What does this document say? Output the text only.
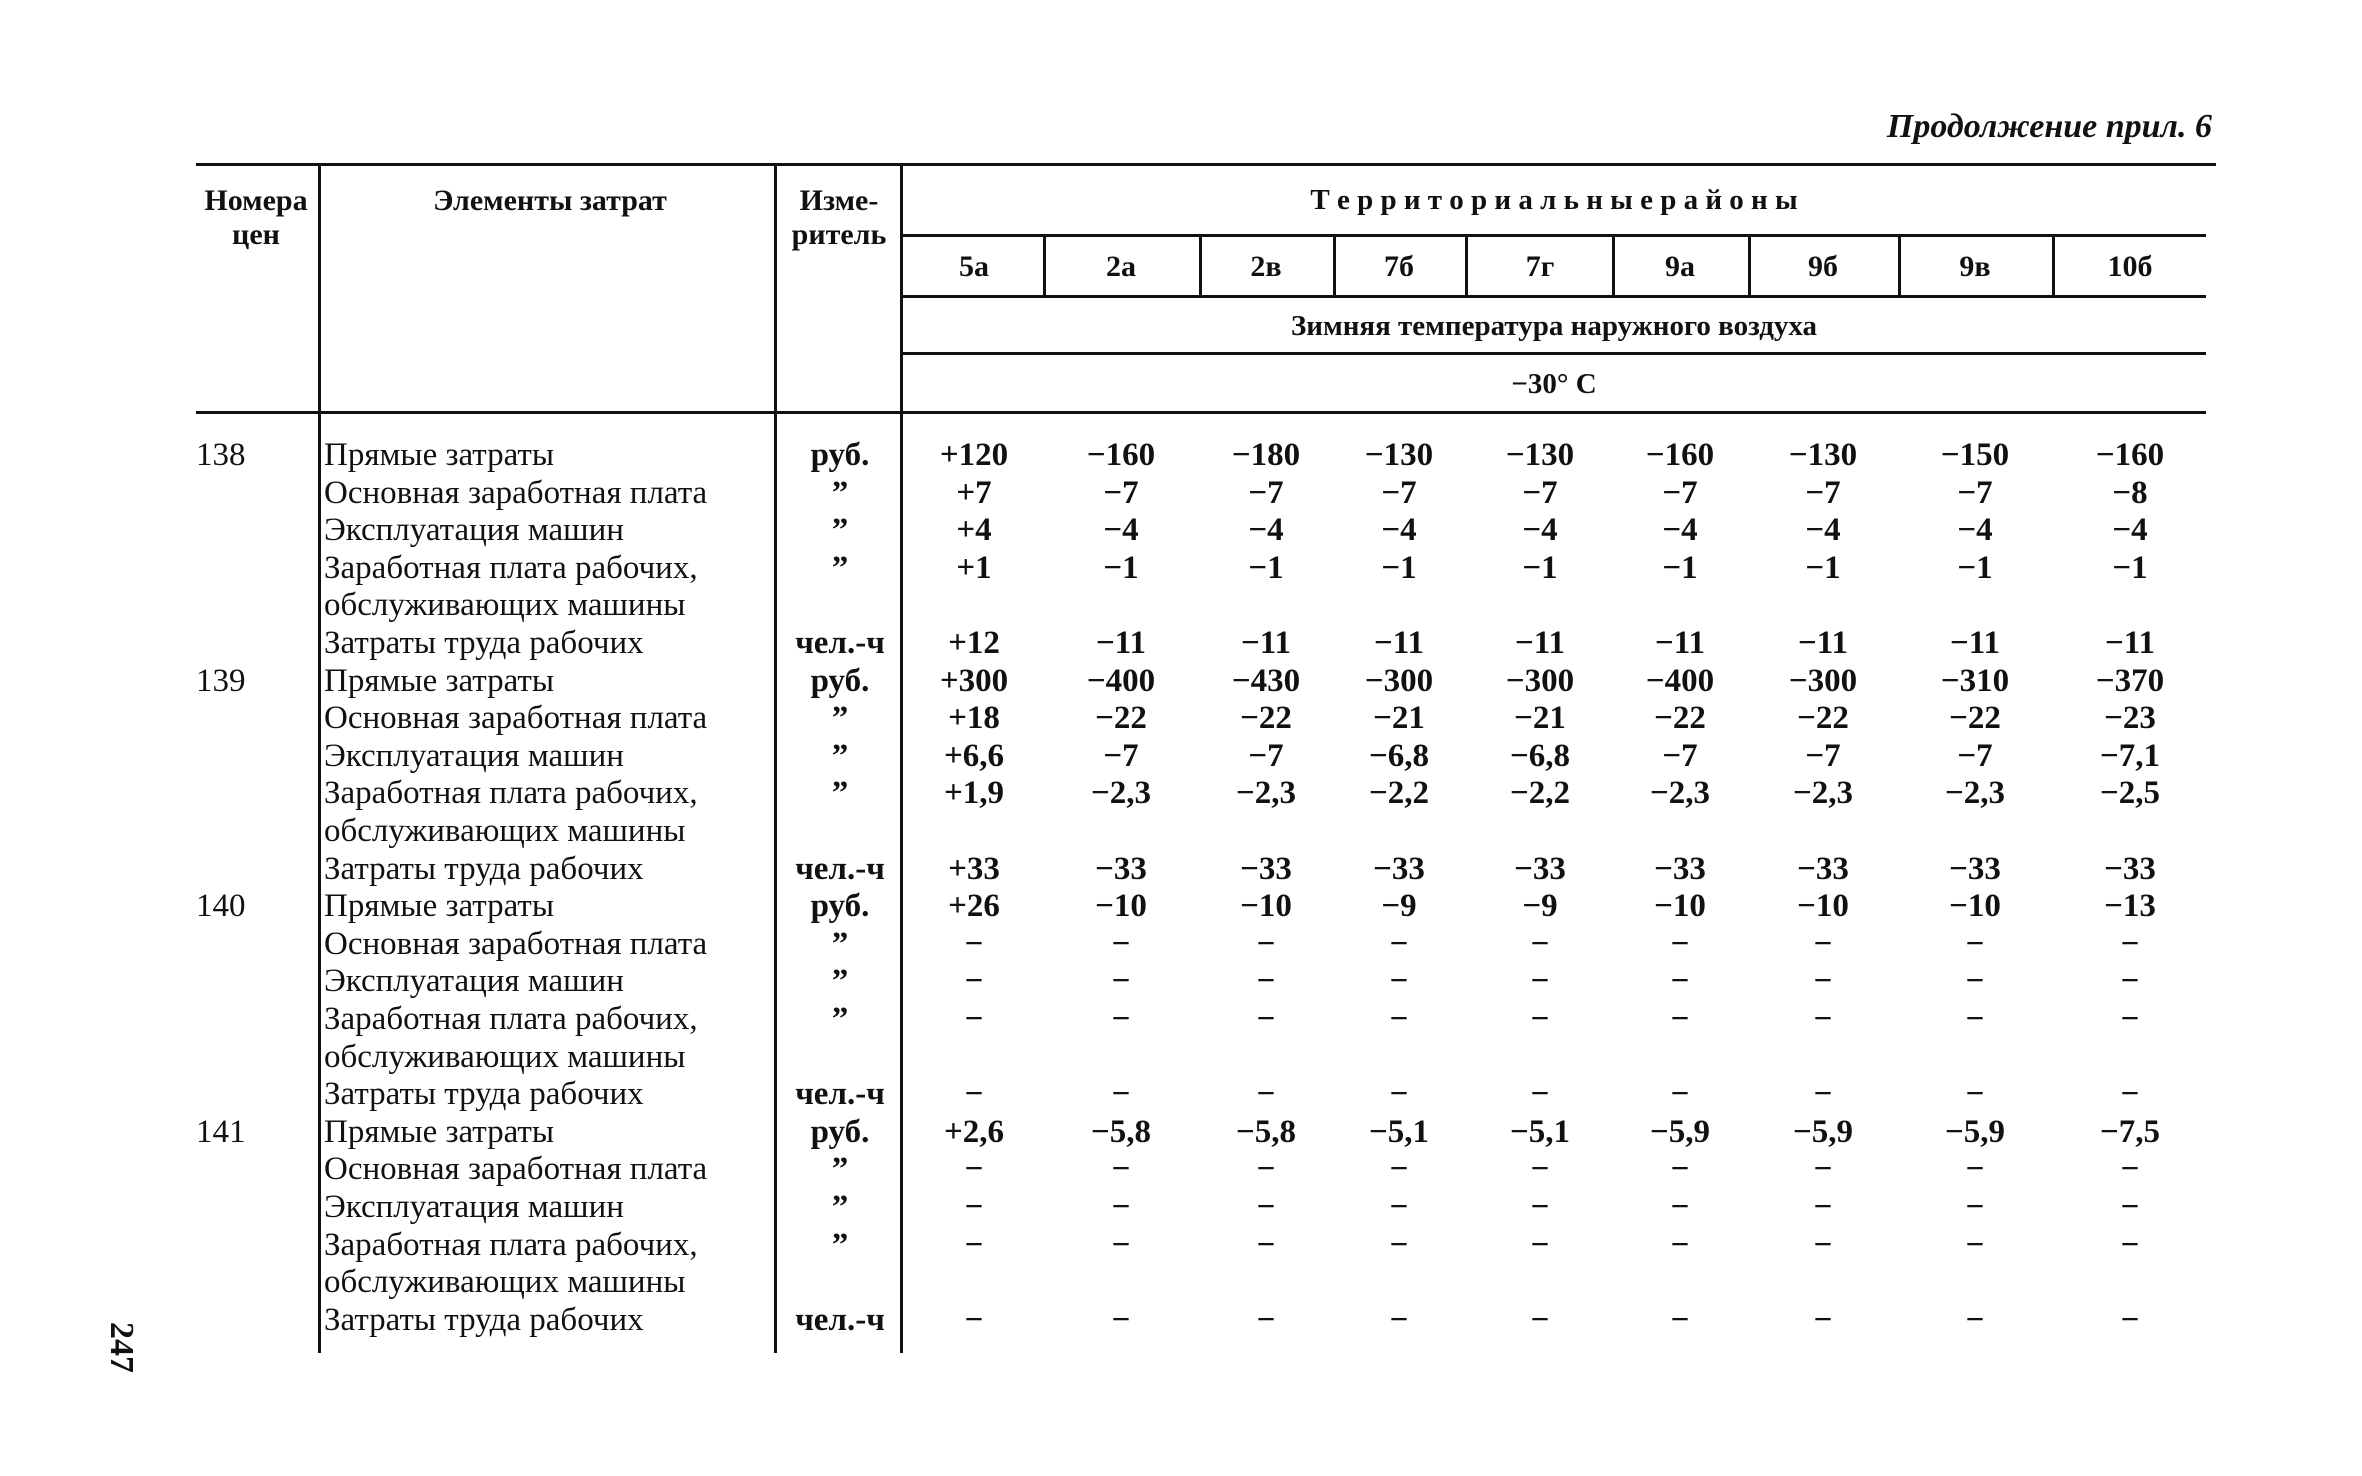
Продолжение прил. 6
Номера цен
Элементы затрат	Изме- ритель
Т е р р и т о р и а л ь н ы е р а й о н ы
Зимняя температура наружного воздуха
−30° С
5а	2а	2в	7б	7г	9а	9б	9в	10б
247
138	Прямые затраты	руб.	+120	−160	−180	−130	−130	−160	−130	−150	−160
Основная заработная плата	”	+7	−7	−7	−7	−7	−7	−7	−7	−8
Эксплуатация машин	”	+4	−4	−4	−4	−4	−4	−4	−4	−4
Заработная плата рабочих,	”	+1	−1	−1	−1	−1	−1	−1	−1	−1
обслуживающих машины
Затраты труда рабочих	чел.-ч	+12	−11	−11	−11	−11	−11	−11	−11	−11
139	Прямые затраты	руб.	+300	−400	−430	−300	−300	−400	−300	−310	−370
Основная заработная плата	”	+18	−22	−22	−21	−21	−22	−22	−22	−23
Эксплуатация машин	”	+6,6	−7	−7	−6,8	−6,8	−7	−7	−7	−7,1
Заработная плата рабочих,	”	+1,9	−2,3	−2,3	−2,2	−2,2	−2,3	−2,3	−2,3	−2,5
обслуживающих машины
Затраты труда рабочих	чел.-ч	+33	−33	−33	−33	−33	−33	−33	−33	−33
140	Прямые затраты	руб.	+26	−10	−10	−9	−9	−10	−10	−10	−13
Основная заработная плата	”	−	−	−	−	−	−	−	−	−
Эксплуатация машин	”	−	−	−	−	−	−	−	−	−
Заработная плата рабочих,	”	−	−	−	−	−	−	−	−	−
обслуживающих машины
Затраты труда рабочих	чел.-ч	−	−	−	−	−	−	−	−	−
141	Прямые затраты	руб.	+2,6	−5,8	−5,8	−5,1	−5,1	−5,9	−5,9	−5,9	−7,5
Основная заработная плата	”	−	−	−	−	−	−	−	−	−
Эксплуатация машин	”	−	−	−	−	−	−	−	−	−
Заработная плата рабочих,	”	−	−	−	−	−	−	−	−	−
обслуживающих машины
Затраты труда рабочих	чел.-ч	−	−	−	−	−	−	−	−	−
